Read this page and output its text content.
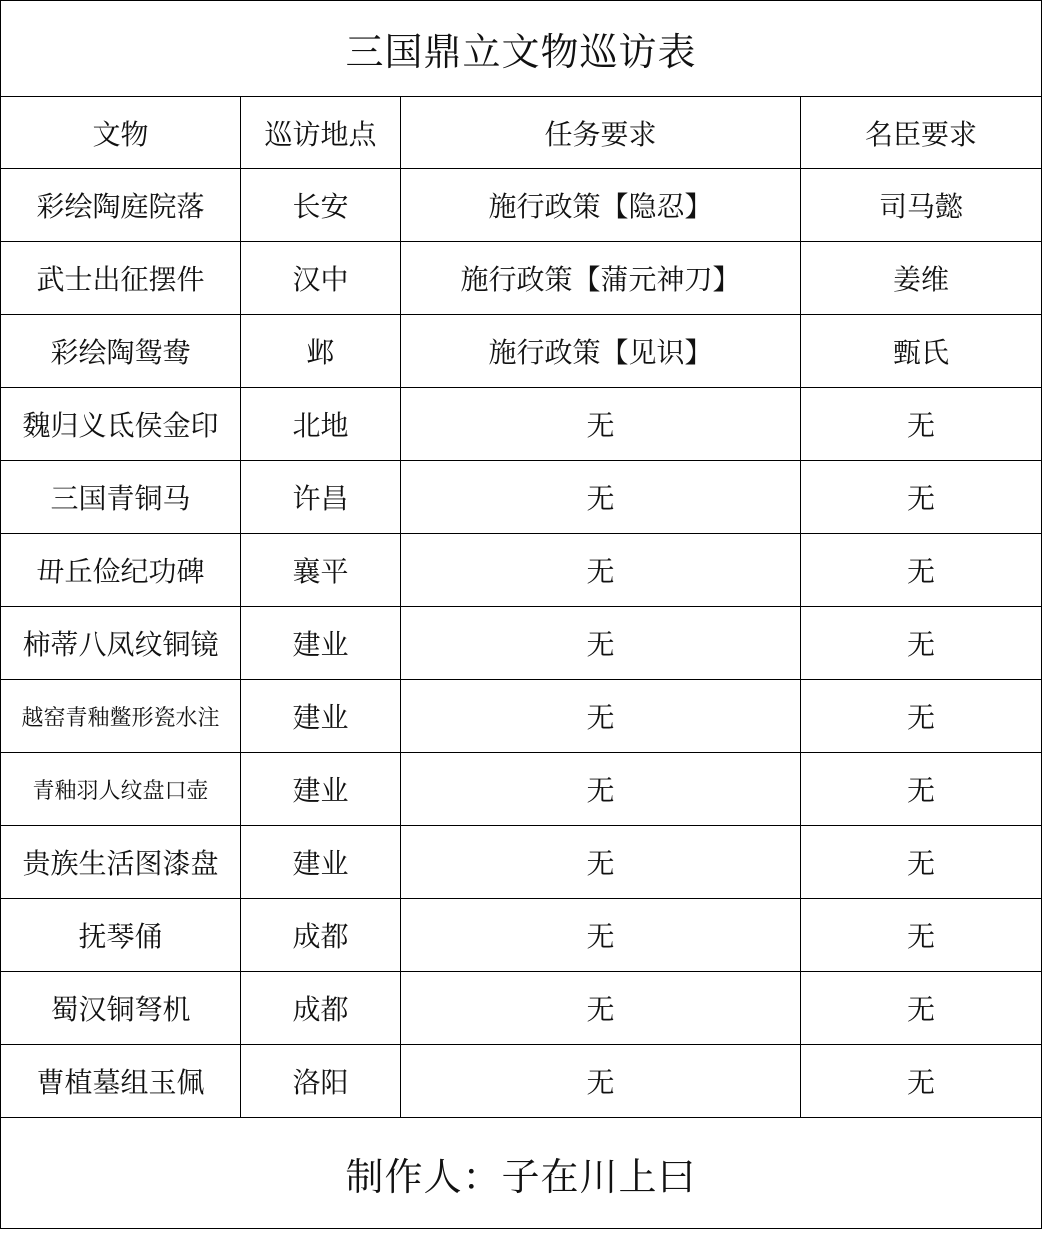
三国鼎立文物巡访表			
文物	巡访地点	任务要求	名臣要求
彩绘陶庭院落	长安	施行政策【隐忍】	司马懿
武士出征摆件	汉中	施行政策【蒲元神刀】	姜维
彩绘陶鸳鸯	邺	施行政策【见识】	甄氏
魏归义氐侯金印	北地	无	无
三国青铜马	许昌	无	无
毌丘俭纪功碑	襄平	无	无
柿蒂八凤纹铜镜	建业	无	无
越窑青釉鳖形瓷水注	建业	无	无
青釉羽人纹盘口壶	建业	无	无
贵族生活图漆盘	建业	无	无
抚琴俑	成都	无	无
蜀汉铜弩机	成都	无	无
曹植墓组玉佩	洛阳	无	无
制作人：子在川上曰			
